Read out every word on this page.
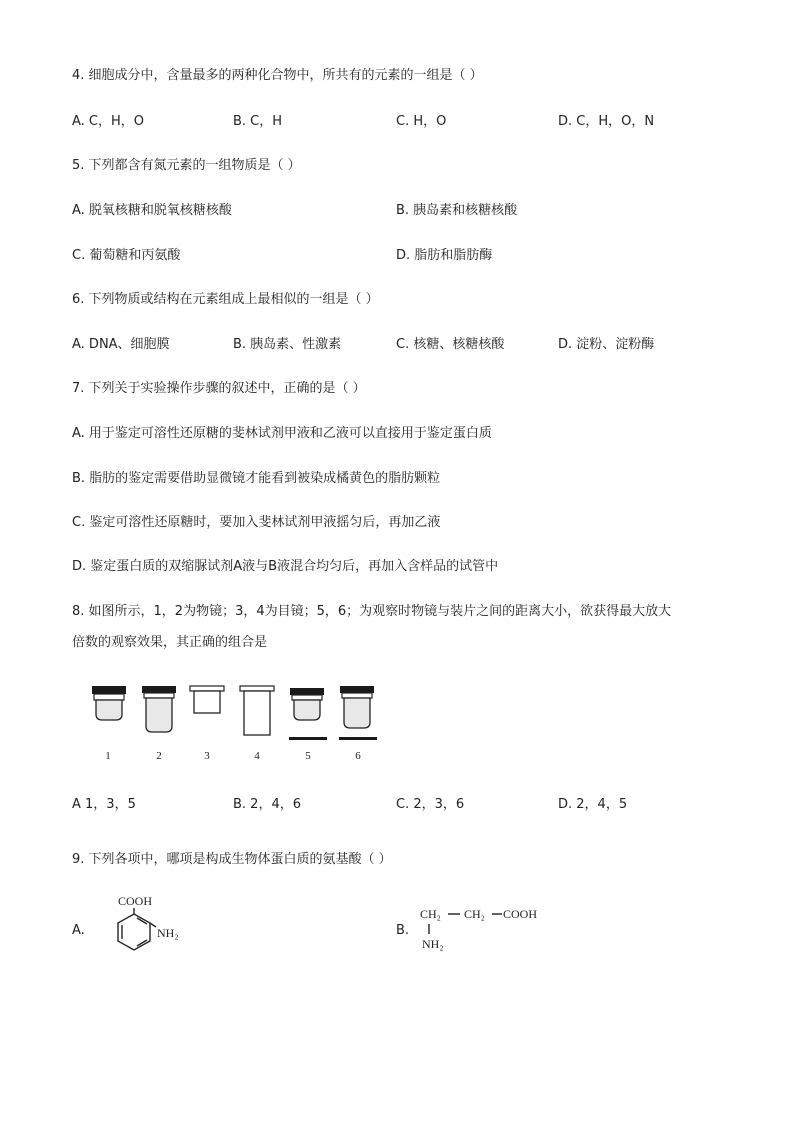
4. 细胞成分中，含量最多的两种化合物中，所共有的元素的一组是（ ）
A. C，H，O	B. C，H	C. H，O	D. C，H，O，N
5. 下列都含有氮元素的一组物质是（ ）
A. 脱氧核糖和脱氧核糖核酸	B. 胰岛素和核糖核酸
C. 葡萄糖和丙氨酸	D. 脂肪和脂肪酶
6. 下列物质或结构在元素组成上最相似的一组是（ ）
A. DNA、细胞膜	B. 胰岛素、性激素	C. 核糖、核糖核酸	D. 淀粉、淀粉酶
7. 下列关于实验操作步骤的叙述中，正确的是（ ）
A. 用于鉴定可溶性还原糖的斐林试剂甲液和乙液可以直接用于鉴定蛋白质
B. 脂肪的鉴定需要借助显微镜才能看到被染成橘黄色的脂肪颗粒
C. 鉴定可溶性还原糖时，要加入斐林试剂甲液摇匀后，再加乙液
D. 鉴定蛋白质的双缩脲试剂A液与B液混合均匀后，再加入含样品的试管中
8. 如图所示，1，2为物镜；3，4为目镜；5，6；为观察时物镜与装片之间的距离大小，欲获得最大放大
倍数的观察效果，其正确的组合是
1	2	3	4	5	6
A 1，3，5	B. 2，4，6	C. 2，3，6	D. 2，4，5
9. 下列各项中，哪项是构成生物体蛋白质的氨基酸（ ）
A.
COOH
NH₂	B.
CH₂ CH₂ COOH
NH₂
